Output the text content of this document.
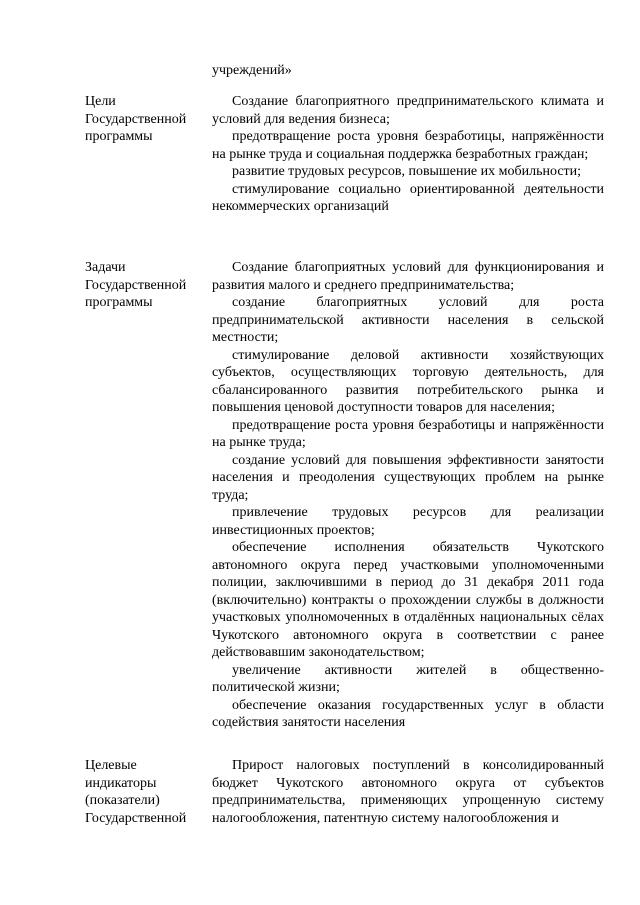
учреждений»
Цели
Государственной
программы
Создание благоприятного предпринимательского климата и условий для ведения бизнеса;
предотвращение роста уровня безработицы, напряжённости на рынке труда и социальная поддержка безработных граждан;
развитие трудовых ресурсов, повышение их мобильности;
стимулирование социально ориентированной деятельности некоммерческих организаций
Задачи
Государственной
программы
Создание благоприятных условий для функционирования и развития малого и среднего предпринимательства;
создание благоприятных условий для роста предпринимательской активности населения в сельской местности;
стимулирование деловой активности хозяйствующих субъектов, осуществляющих торговую деятельность, для сбалансированного развития потребительского рынка и повышения ценовой доступности товаров для населения;
предотвращение роста уровня безработицы и напряжённости на рынке труда;
создание условий для повышения эффективности занятости населения и преодоления существующих проблем на рынке труда;
привлечение трудовых ресурсов для реализации инвестиционных проектов;
обеспечение исполнения обязательств Чукотского автономного округа перед участковыми уполномоченными полиции, заключившими в период до 31 декабря 2011 года (включительно) контракты о прохождении службы в должности участковых уполномоченных в отдалённых национальных сёлах Чукотского автономного округа в соответствии с ранее действовавшим законодательством;
увеличение активности жителей в общественно-политической жизни;
обеспечение оказания государственных услуг в области содействия занятости населения
Целевые
индикаторы
(показатели)
Государственной
Прирост налоговых поступлений в консолидированный бюджет Чукотского автономного округа от субъектов предпринимательства, применяющих упрощенную систему налогообложения, патентную систему налогообложения и
